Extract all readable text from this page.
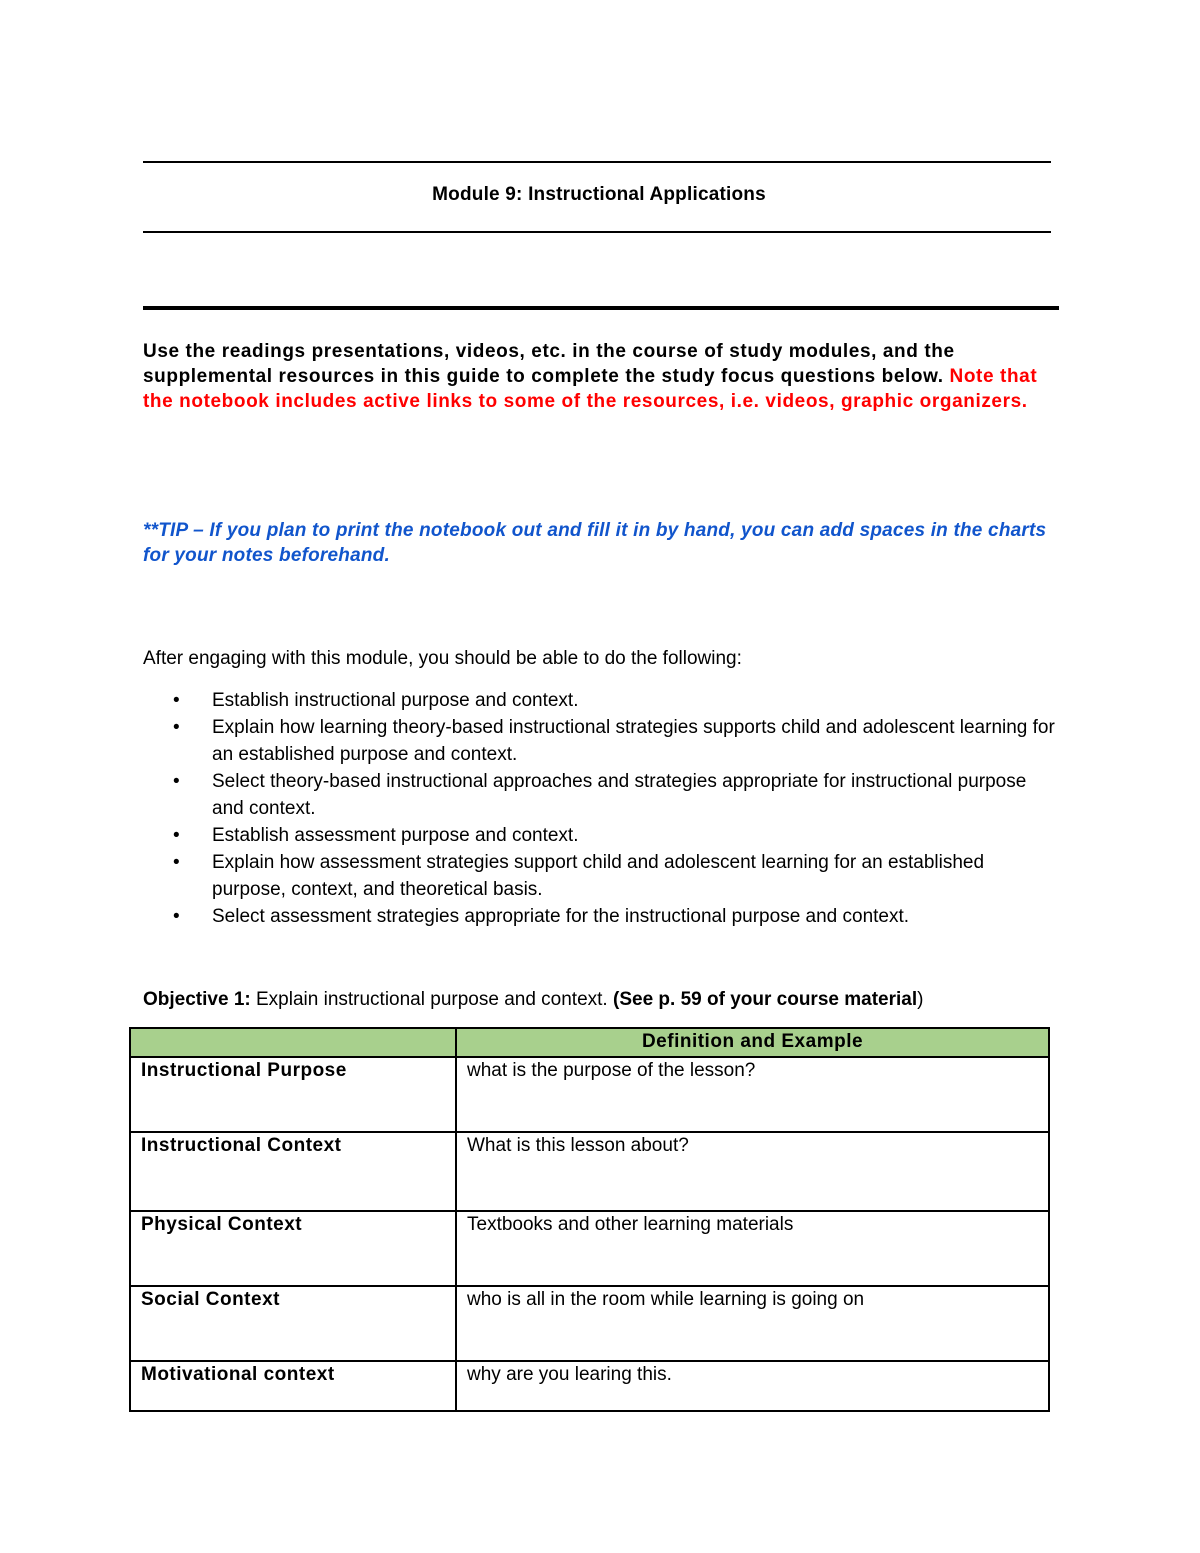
Module 9: Instructional Applications
Use the readings presentations, videos, etc. in the course of study modules, and the supplemental resources in this guide to complete the study focus questions below. Note that the notebook includes active links to some of the resources, i.e. videos, graphic organizers.
**TIP – If you plan to print the notebook out and fill it in by hand, you can add spaces in the charts for your notes beforehand.
After engaging with this module, you should be able to do the following:
• Establish instructional purpose and context.
• Explain how learning theory-based instructional strategies supports child and adolescent learning for an established purpose and context.
• Select theory-based instructional approaches and strategies appropriate for instructional purpose and context.
• Establish assessment purpose and context.
• Explain how assessment strategies support child and adolescent learning for an established purpose, context, and theoretical basis.
• Select assessment strategies appropriate for the instructional purpose and context.
Objective 1: Explain instructional purpose and context. (See p. 59 of your course material)
	Definition and Example
Instructional Purpose	what is the purpose of the lesson?
Instructional Context	What is this lesson about?
Physical Context	Textbooks and other learning materials
Social Context	who is all in the room while learning is going on
Motivational context	why are you learing this.
